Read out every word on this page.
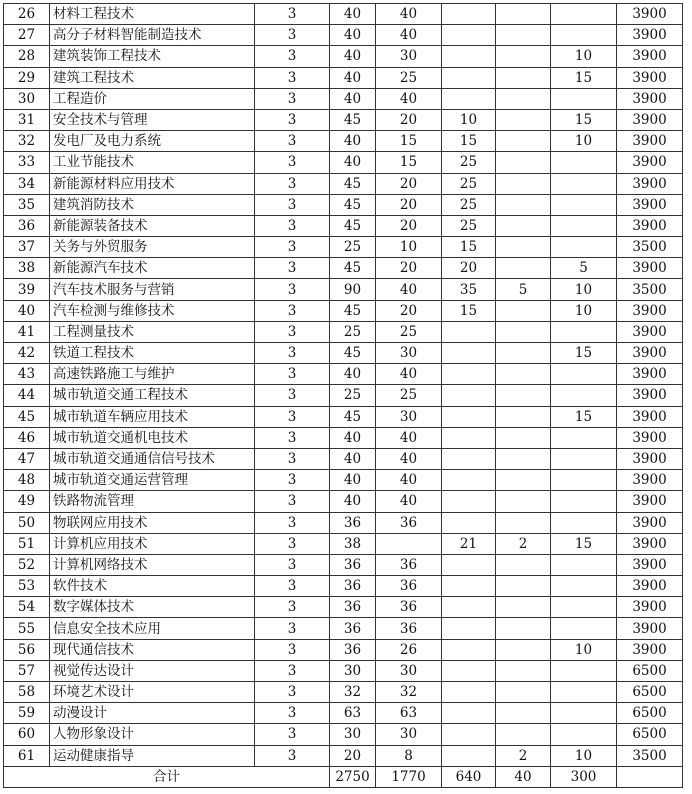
26	材料工程技术	3	40	40				3900
27	高分子材料智能制造技术	3	40	40				3900
28	建筑装饰工程技术	3	40	30			10	3900
29	建筑工程技术	3	40	25			15	3900
30	工程造价	3	40	40				3900
31	安全技术与管理	3	45	20	10		15	3900
32	发电厂及电力系统	3	40	15	15		10	3900
33	工业节能技术	3	40	15	25			3900
34	新能源材料应用技术	3	45	20	25			3900
35	建筑消防技术	3	45	20	25			3900
36	新能源装备技术	3	45	20	25			3900
37	关务与外贸服务	3	25	10	15			3500
38	新能源汽车技术	3	45	20	20		5	3900
39	汽车技术服务与营销	3	90	40	35	5	10	3500
40	汽车检测与维修技术	3	45	20	15		10	3900
41	工程测量技术	3	25	25				3900
42	铁道工程技术	3	45	30			15	3900
43	高速铁路施工与维护	3	40	40				3900
44	城市轨道交通工程技术	3	25	25				3900
45	城市轨道车辆应用技术	3	45	30			15	3900
46	城市轨道交通机电技术	3	40	40				3900
47	城市轨道交通通信信号技术	3	40	40				3900
48	城市轨道交通运营管理	3	40	40				3900
49	铁路物流管理	3	40	40				3900
50	物联网应用技术	3	36	36				3900
51	计算机应用技术	3	38		21	2	15	3900
52	计算机网络技术	3	36	36				3900
53	软件技术	3	36	36				3900
54	数字媒体技术	3	36	36				3900
55	信息安全技术应用	3	36	36				3900
56	现代通信技术	3	36	26			10	3900
57	视觉传达设计	3	30	30				6500
58	环境艺术设计	3	32	32				6500
59	动漫设计	3	63	63				6500
60	人物形象设计	3	30	30				6500
61	运动健康指导	3	20	8		2	10	3500
合计			2750	1770	640	40	300	
